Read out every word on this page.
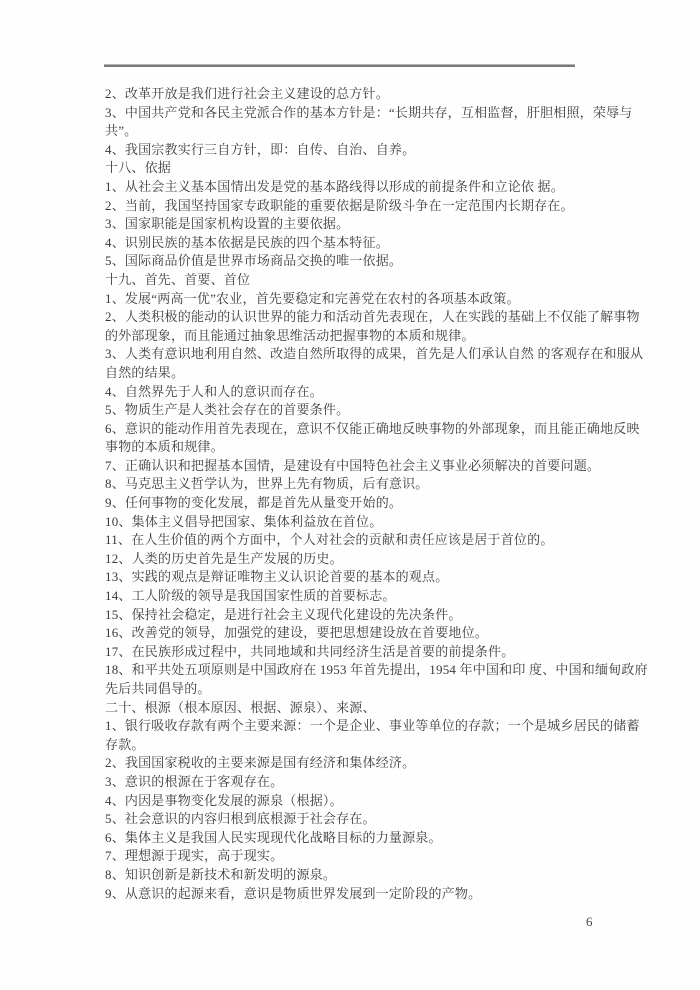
2、改革开放是我们进行社会主义建设的总方针。

3、中国共产党和各民主党派合作的基本方针是：“长期共存，互相监督，肝胆相照，荣辱与共”。

4、我国宗教实行三自方针，即：自传、自治、自养。

十八、依据

1、从社会主义基本国情出发是党的基本路线得以形成的前提条件和立论依 据。

2、当前，我国坚持国家专政职能的重要依据是阶级斗争在一定范围内长期存在。

3、国家职能是国家机构设置的主要依据。

4、识别民族的基本依据是民族的四个基本特征。

5、国际商品价值是世界市场商品交换的唯一依据。

十九、首先、首要、首位

1、发展“两高一优”农业，首先要稳定和完善党在农村的各项基本政策。

2、人类积极的能动的认识世界的能力和活动首先表现在，人在实践的基础上不仅能了解事物的外部现象，而且能通过抽象思维活动把握事物的本质和规律。

3、人类有意识地利用自然、改造自然所取得的成果，首先是人们承认自然 的客观存在和服从自然的结果。

4、自然界先于人和人的意识而存在。

5、物质生产是人类社会存在的首要条件。

6、意识的能动作用首先表现在，意识不仅能正确地反映事物的外部现象，而且能正确地反映事物的本质和规律。

7、正确认识和把握基本国情，是建设有中国特色社会主义事业必须解决的首要问题。

8、马克思主义哲学认为，世界上先有物质，后有意识。

9、任何事物的变化发展，都是首先从量变开始的。

10、集体主义倡导把国家、集体利益放在首位。

11、在人生价值的两个方面中，个人对社会的贡献和责任应该是居于首位的。

12、人类的历史首先是生产发展的历史。

13、实践的观点是辩证唯物主义认识论首要的基本的观点。

14、工人阶级的领导是我国国家性质的首要标志。

15、保持社会稳定，是进行社会主义现代化建设的先决条件。

16、改善党的领导，加强党的建设，要把思想建设放在首要地位。

17、在民族形成过程中，共同地域和共同经济生活是首要的前提条件。

18、和平共处五项原则是中国政府在 1953 年首先提出，1954 年中国和印 度、中国和缅甸政府先后共同倡导的。

二十、根源（根本原因、根据、源泉）、来源、

1、银行吸收存款有两个主要来源：一个是企业、事业等单位的存款；一个是城乡居民的储蓄存款。

2、我国国家税收的主要来源是国有经济和集体经济。

3、意识的根源在于客观存在。

4、内因是事物变化发展的源泉（根据）。

5、社会意识的内容归根到底根源于社会存在。

6、集体主义是我国人民实现现代化战略目标的力量源泉。

7、理想源于现实，高于现实。

8、知识创新是新技术和新发明的源泉。

9、从意识的起源来看，意识是物质世界发展到一定阶段的产物。

6
